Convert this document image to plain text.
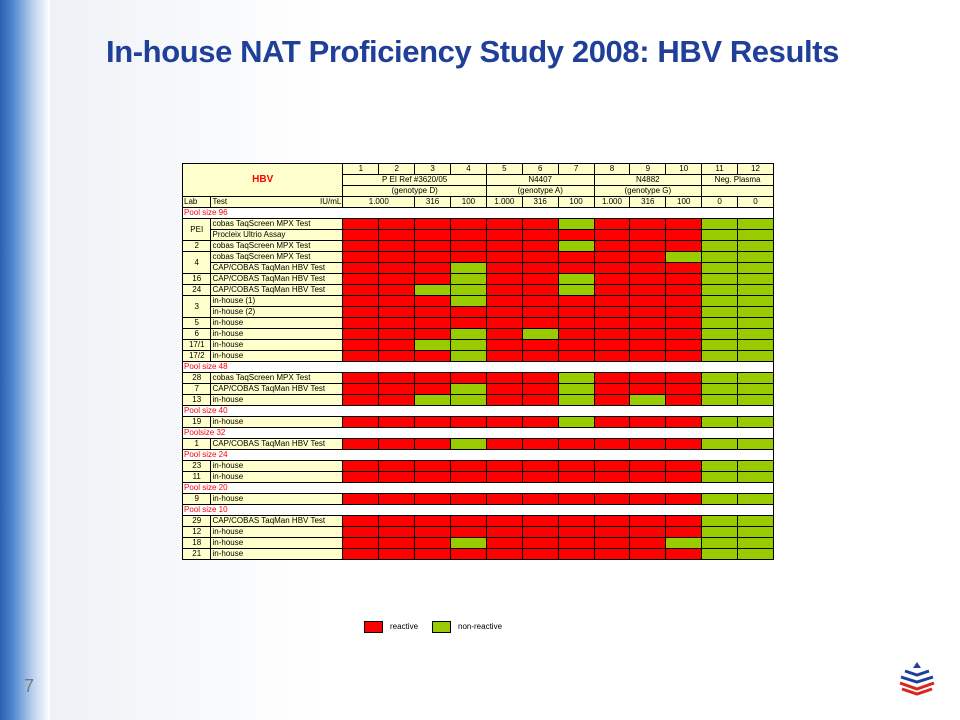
In-house NAT Proficiency Study 2008: HBV Results
HBV		1	2	3	4	5	6	7	8	9	10	11	12
		P EI Ref #3620/05				N4407			N4882			Neg. Plasma	
		(genotype D)				(genotype A)			(genotype G)				
Lab	Test IU/mL	1.000		316	100	1.000	316	100	1.000	316	100	0	0
Pool size 96													
PEI	cobas TaqScreen MPX Test												
	Procleix Ultrio Assay												
2	cobas TaqScreen MPX Test												
4	cobas TaqScreen MPX Test												
	CAP/COBAS TaqMan HBV Test												
16	CAP/COBAS TaqMan HBV Test												
24	CAP/COBAS TaqMan HBV Test												
3	in-house (1)												
	in-house (2)												
5	in-house												
6	in-house												
17/1	in-house												
17/2	in-house												
Pool size 48													
28	cobas TaqScreen MPX Test												
7	CAP/COBAS TaqMan HBV Test												
13	in-house												
Pool size 40													
19	in-house												
Poolsize 32													
1	CAP/COBAS TaqMan HBV Test												
Pool size 24													
23	in-house												
11	in-house												
Pool size 20													
9	in-house												
Pool size 10													
29	CAP/COBAS TaqMan HBV Test												
12	in-house												
18	in-house												
21	in-house												
reactive	non-reactive
7
